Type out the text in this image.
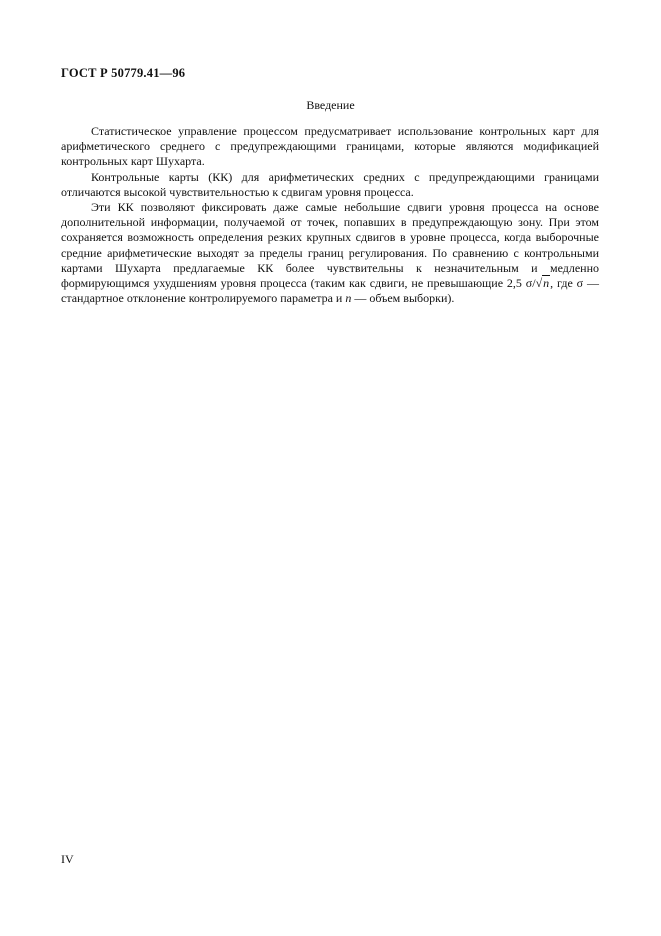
ГОСТ Р 50779.41—96
Введение

Статистическое управление процессом предусматривает использование контрольных карт для арифметического среднего с предупреждающими границами, которые являются модификацией контрольных карт Шухарта.

Контрольные карты (КК) для арифметических средних с предупреждающими границами отличаются высокой чувствительностью к сдвигам уровня процесса.

Эти КК позволяют фиксировать даже самые небольшие сдвиги уровня процесса на основе дополнительной информации, получаемой от точек, попавших в предупреждающую зону. При этом сохраняется возможность определения резких крупных сдвигов в уровне процесса, когда выборочные средние арифметические выходят за пределы границ регулирования. По сравнению с контрольными картами Шухарта предлагаемые КК более чувствительны к незначительным и медленно формирующимся ухудшениям уровня процесса (таким как сдвиги, не превышающие 2,5 σ/√n, где σ — стандартное отклонение контролируемого параметра и n — объем выборки).

IV
